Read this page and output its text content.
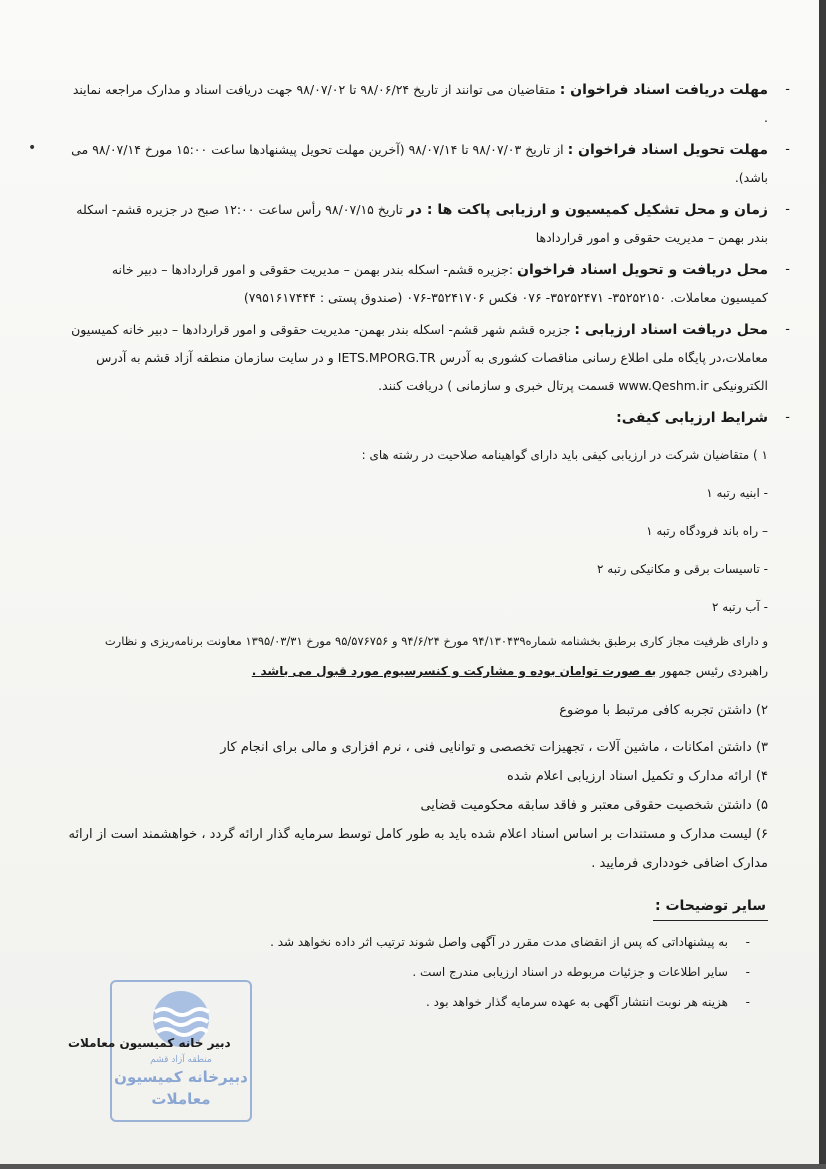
•
-
مهلت دریافت اسناد فراخوان : متقاضیان می توانند از تاریخ ۹۸/۰۶/۲۴ تا ۹۸/۰۷/۰۲ جهت دریافت اسناد و مدارک مراجعه نمایند .
-
مهلت تحویل اسناد فراخوان : از تاریخ ۹۸/۰۷/۰۳ تا ۹۸/۰۷/۱۴ (آخرین مهلت تحویل پیشنهادها ساعت ۱۵:۰۰ مورخ ۹۸/۰۷/۱۴ می باشد).
-
زمان و محل تشکیل کمیسیون و ارزیابی پاکت ها : در تاریخ ۹۸/۰۷/۱۵ رأس ساعت ۱۲:۰۰ صبح در جزیره قشم- اسکله بندر بهمن – مدیریت حقوقی و امور قراردادها
-
محل دریافت و تحویل اسناد فراخوان :جزیره قشم- اسکله بندر بهمن – مدیریت حقوقی و امور قراردادها – دبیر خانه کمیسیون معاملات. ۳۵۲۵۲۱۵۰- ۳۵۲۵۲۴۷۱- ۰۷۶ فکس ۳۵۲۴۱۷۰۶-۰۷۶ (صندوق پستی : ۷۹۵۱۶۱۷۴۴۴)
-
محل دریافت اسناد ارزیابی : جزیره قشم شهر قشم- اسکله بندر بهمن- مدیریت حقوقی و امور قراردادها – دبیر خانه کمیسیون معاملات،در پایگاه ملی اطلاع رسانی مناقصات کشوری به آدرس IETS.MPORG.TR و در سایت سازمان منطقه آزاد قشم به آدرس الکترونیکی www.Qeshm.ir قسمت پرتال خبری و سازمانی ) دریافت کنند.
-
شرایط ارزیابی کیفی:
۱ ) متقاضیان شرکت در ارزیابی کیفی باید دارای گواهینامه صلاحیت در رشته های :
- ابنیه رتبه ۱
– راه باند فرودگاه رتبه ۱
- تاسیسات برقی و مکانیکی رتبه ۲
- آب رتبه ۲
و دارای ظرفیت مجاز کاری برطبق بخشنامه شماره۹۴/۱۳۰۴۳۹ مورخ ۹۴/۶/۲۴ و ۹۵/۵۷۶۷۵۶ مورخ ۱۳۹۵/۰۳/۳۱ معاونت برنامه‌ریزی و نظارت
راهبردی رئیس جمهور به صورت توامان بوده و مشارکت و کنسرسیوم مورد قبول می باشد .
۲) داشتن تجربه کافی مرتبط با موضوع
۳) داشتن امکانات ، ماشین آلات ، تجهیزات تخصصی و توانایی فنی ، نرم افزاری و مالی برای انجام کار
۴) ارائه مدارک و تکمیل اسناد ارزیابی اعلام شده
۵) داشتن شخصیت حقوقی معتبر و فاقد سابقه محکومیت قضایی
۶) لیست مدارک و مستندات بر اساس اسناد اعلام شده باید به طور کامل توسط سرمایه گذار ارائه گردد ، خواهشمند است از ارائه مدارک اضافی خودداری فرمایید .
سایر توضیحات :
-
به پیشنهاداتی که پس از انقضای مدت مقرر در آگهی واصل شوند ترتیب اثر داده نخواهد شد .
-
سایر اطلاعات و جزئیات مربوطه در اسناد ارزیابی مندرج است .
-
هزینه هر نوبت انتشار آگهی به عهده سرمایه گذار خواهد بود .
منطقه آزاد قشم
دبیرخانه کمیسیون
معاملات
دبیر خانه کمیسیون معاملات
